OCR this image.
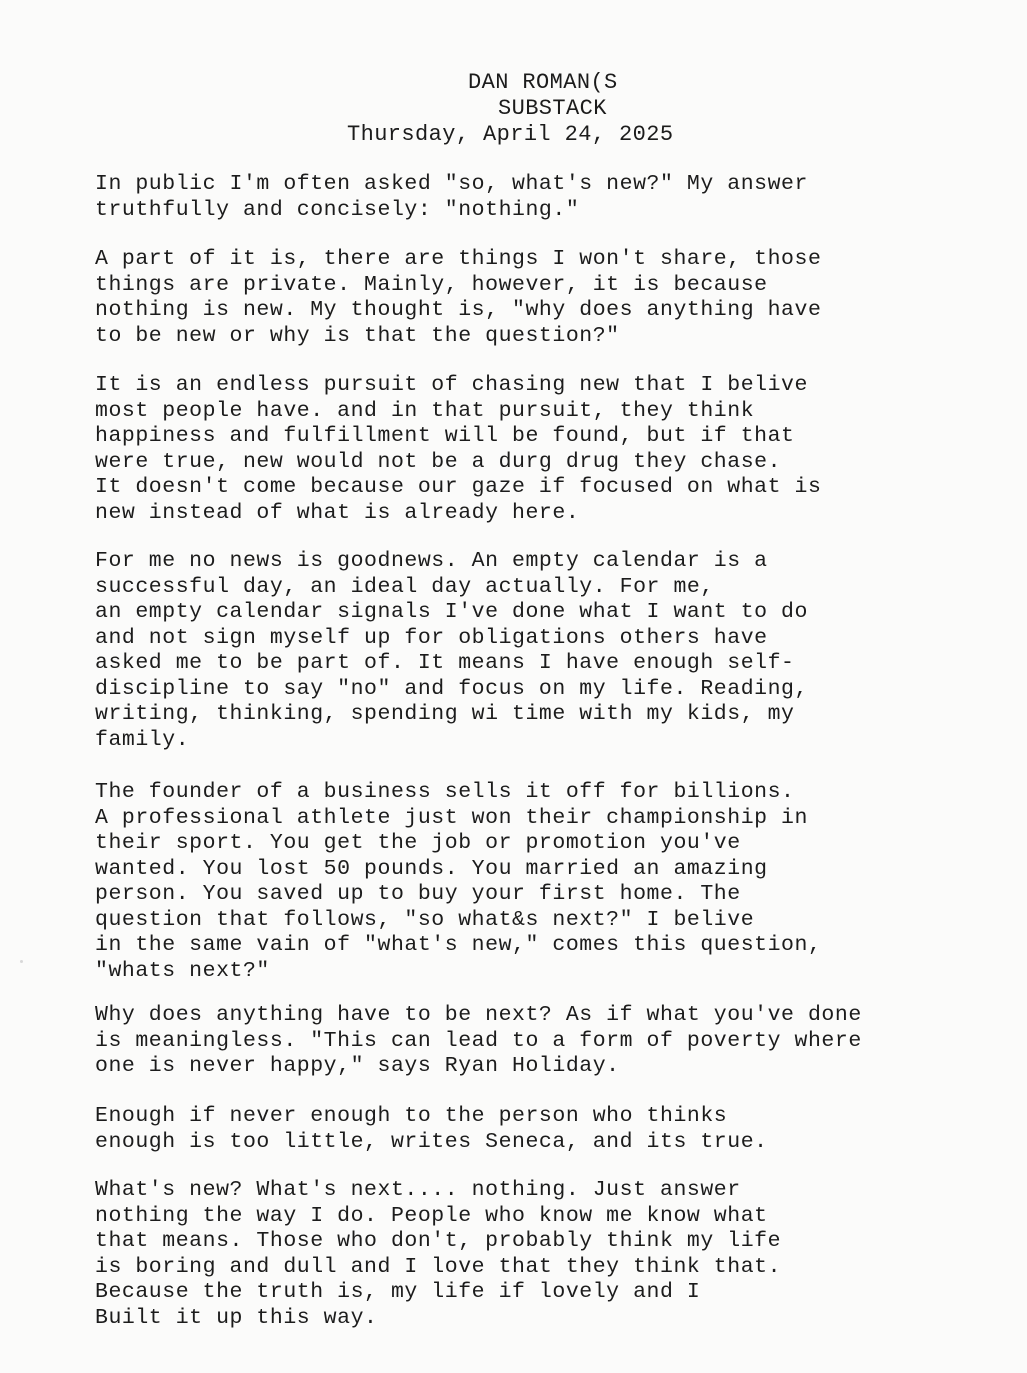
DAN ROMAN(S
SUBSTACK
Thursday, April 24, 2025

In public I'm often asked "so, what's new?" My answer
truthfully and concisely: "nothing."

A part of it is, there are things I won't share, those
things are private. Mainly, however, it is because
nothing is new. My thought is, "why does anything have
to be new or why is that the question?"

It is an endless pursuit of chasing new that I belive
most people have. and in that pursuit, they think
happiness and fulfillment will be found, but if that
were true, new would not be a durg drug they chase.
It doesn't come because our gaze if focused on what is
new instead of what is already here.

For me no news is goodnews. An empty calendar is a
successful day, an ideal day actually. For me,
an empty calendar signals I've done what I want to do
and not sign myself up for obligations others have
asked me to be part of. It means I have enough self-
discipline to say "no" and focus on my life. Reading,
writing, thinking, spending wi time with my kids, my
family.

The founder of a business sells it off for billions.
A professional athlete just won their championship in
their sport. You get the job or promotion you've
wanted. You lost 50 pounds. You married an amazing
person. You saved up to buy your first home. The
question that follows, "so what&s next?" I belive
in the same vain of "what's new," comes this question,
"whats next?"

Why does anything have to be next? As if what you've done
is meaningless. "This can lead to a form of poverty where
one is never happy," says Ryan Holiday.

Enough if never enough to the person who thinks
enough is too little, writes Seneca, and its true.

What's new? What's next.... nothing. Just answer
nothing the way I do. People who know me know what
that means. Those who don't, probably think my life
is boring and dull and I love that they think that.
Because the truth is, my life if lovely and I
Built it up this way.
